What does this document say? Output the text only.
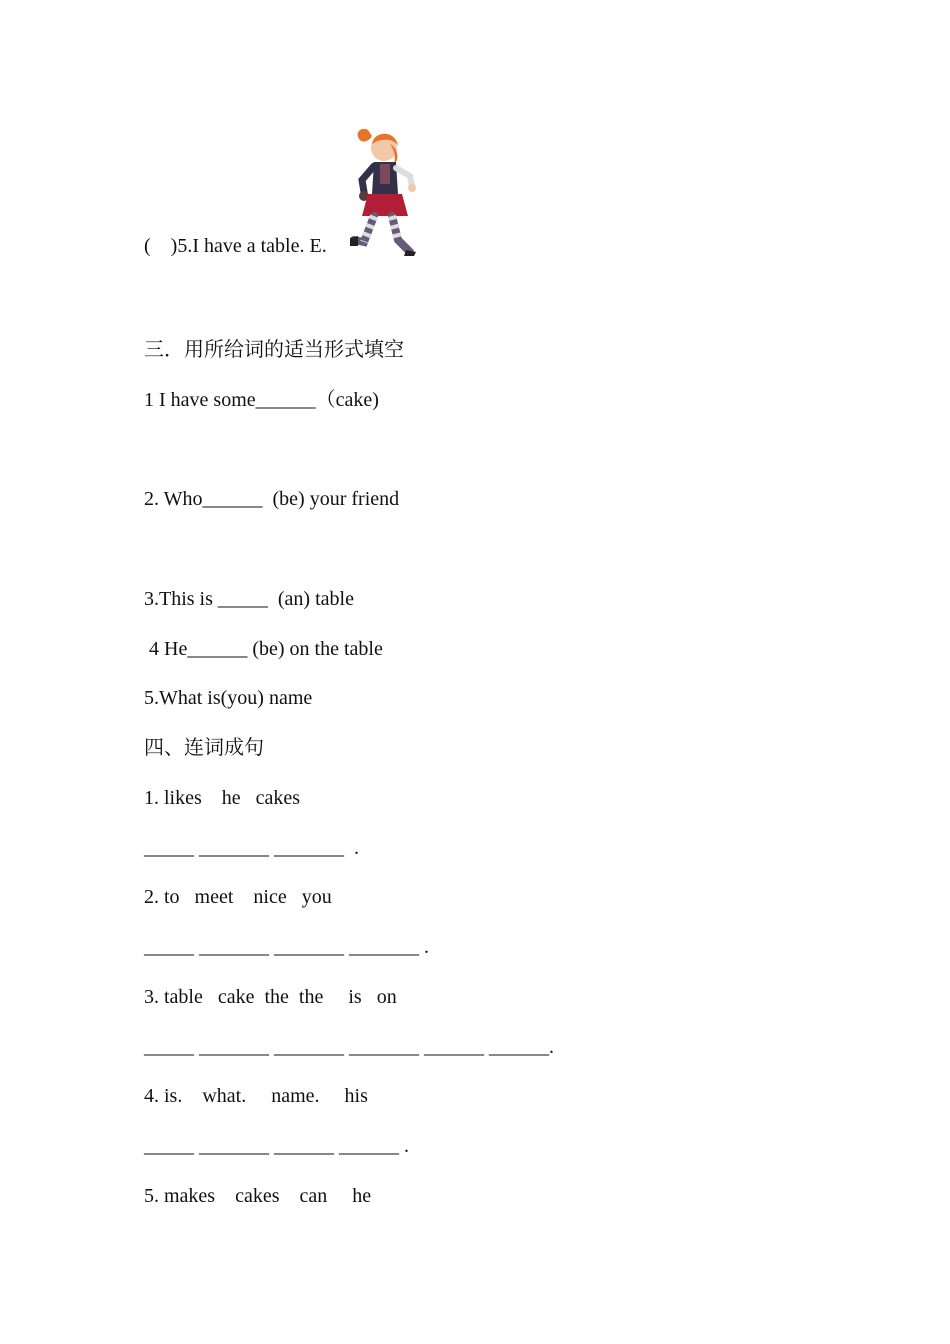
(    )5.I have a table. E.
三．用所给词的适当形式填空
1 I have some______（cake)
2. Who______  (be) your friend
3.This is _____  (an) table
4 He______ (be) on the table
5.What is(you) name
四、连词成句
1. likes    he   cakes
_____ _______ _______  .
2. to   meet    nice   you
_____ _______ _______ _______ .
3. table   cake  the  the     is   on
_____ _______ _______ _______ ______ ______.
4. is.    what.     name.     his
_____ _______ ______ ______ .
5. makes    cakes    can     he
